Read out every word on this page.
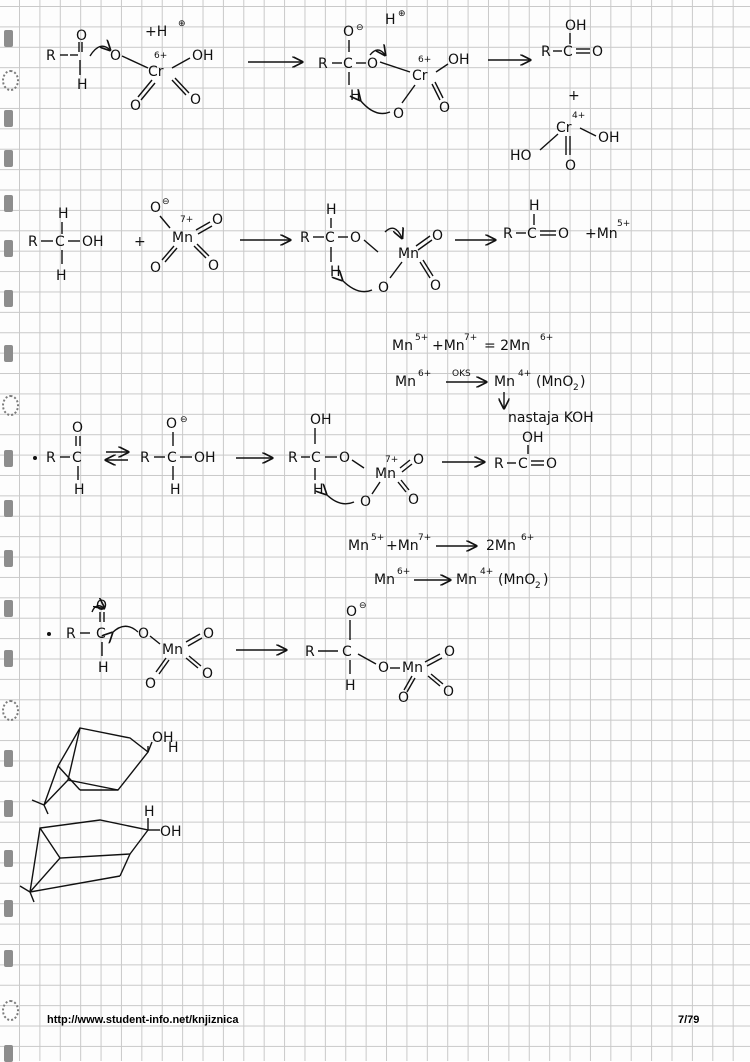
R
O
H
O
Cr
6+ OH
O	O
+H ⊕
R C O
O ⊖ H ⊕
Cr
6+ OH
H
O O
OH
R C O
+
4+
Cr
OH
HO
O
H
R C OH
H
+
O ⊖
7+
Mn
O
O	O
H
R C O
Mn
O
H
O	O
H
R C O +Mn
5+
Mn 5+ +Mn 7+ = 2Mn 6+
Mn 6+ OKS Mn 4+ (MnO 2 )
nastaja KOH
R C
O
H
R C OH
O ⊖
H
OH
R C O	7+
Mn
O
H
O	O
OH
R C O
Mn 5+ +Mn 7+	2Mn 6+
Mn 6+	Mn 4+ (MnO 2 )
R C
O
H
O
Mn
O
O
O
O ⊖
R C
H
O Mn
O
O O
OH
H
H
OH
http://www.student-info.net/knjiznica	7/79
